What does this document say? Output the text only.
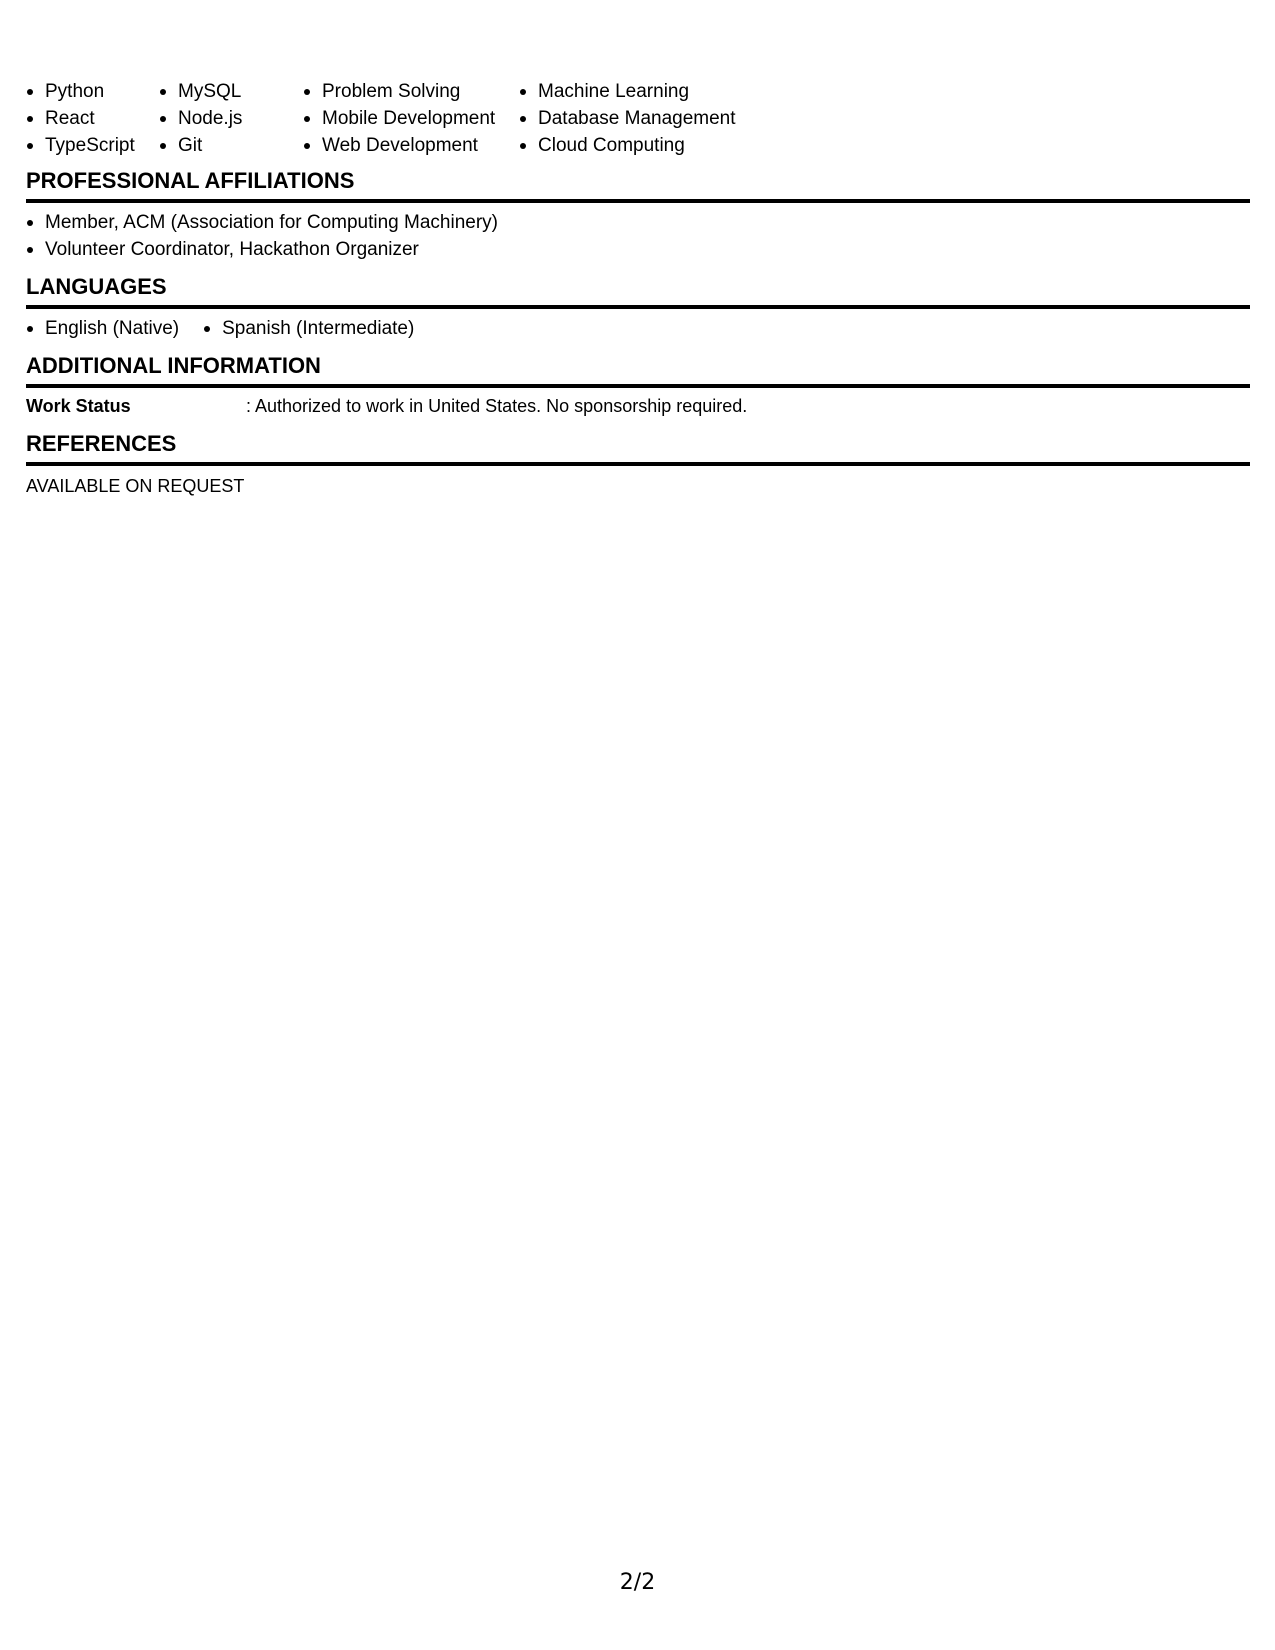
Python
React
TypeScript
MySQL
Node.js
Git
Problem Solving
Mobile Development
Web Development
Machine Learning
Database Management
Cloud Computing
PROFESSIONAL AFFILIATIONS
Member, ACM (Association for Computing Machinery)
Volunteer Coordinator, Hackathon Organizer
LANGUAGES
English (Native)	Spanish (Intermediate)
ADDITIONAL INFORMATION
Work Status	: Authorized to work in United States. No sponsorship required.
REFERENCES
AVAILABLE ON REQUEST
2/2
